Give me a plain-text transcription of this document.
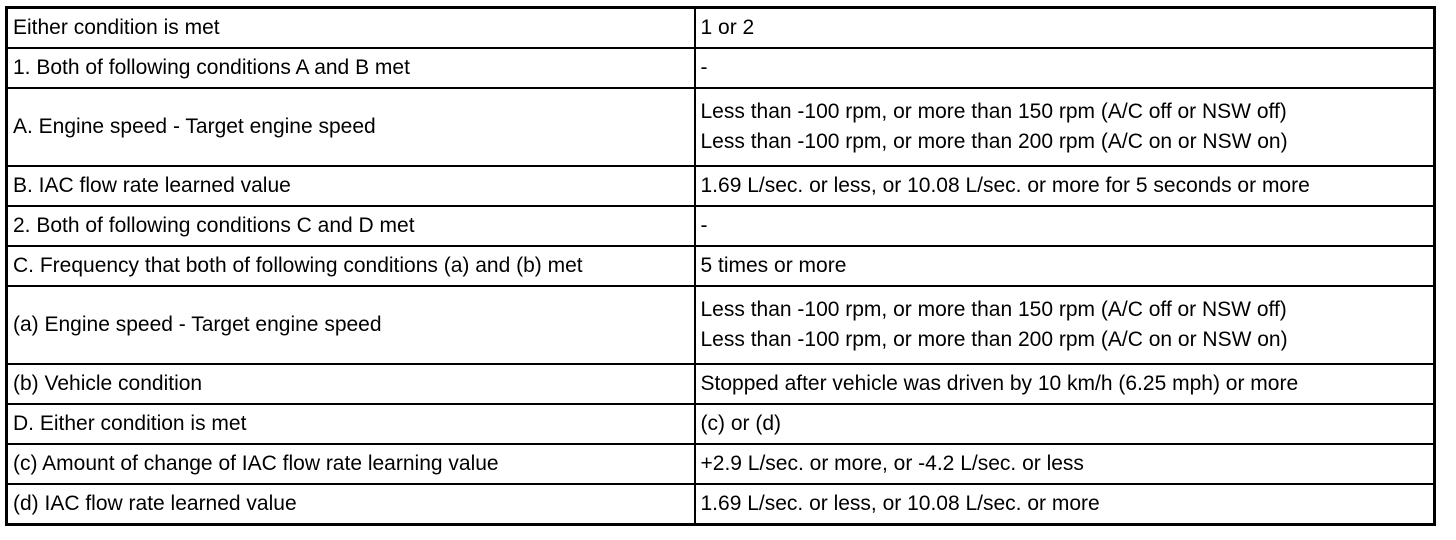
Either condition is met	1 or 2

1. Both of following conditions A and B met	-

A. Engine speed - Target engine speed	Less than -100 rpm, or more than 150 rpm (A/C off or NSW off)
Less than -100 rpm, or more than 200 rpm (A/C on or NSW on)

B. IAC flow rate learned value	1.69 L/sec. or less, or 10.08 L/sec. or more for 5 seconds or more

2. Both of following conditions C and D met	-

C. Frequency that both of following conditions (a) and (b) met	5 times or more

(a) Engine speed - Target engine speed	Less than -100 rpm, or more than 150 rpm (A/C off or NSW off)
Less than -100 rpm, or more than 200 rpm (A/C on or NSW on)

(b) Vehicle condition	Stopped after vehicle was driven by 10 km/h (6.25 mph) or more

D. Either condition is met	(c) or (d)

(c) Amount of change of IAC flow rate learning value	+2.9 L/sec. or more, or -4.2 L/sec. or less

(d) IAC flow rate learned value	1.69 L/sec. or less, or 10.08 L/sec. or more
